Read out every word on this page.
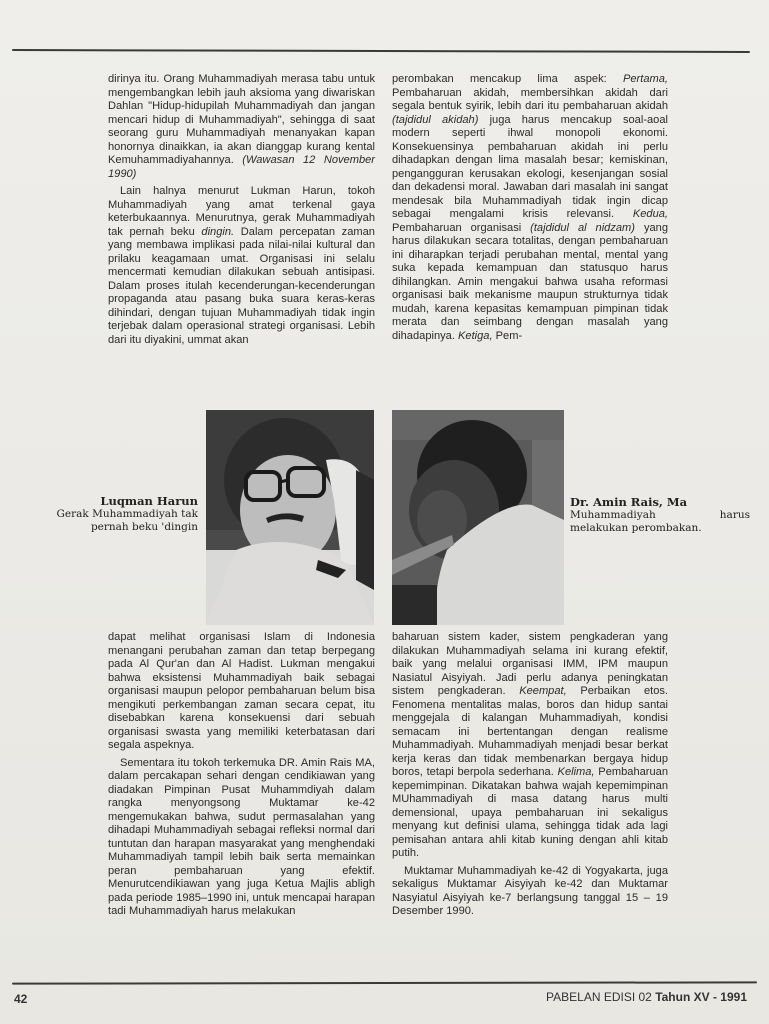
dirinya itu. Orang Muhammadiyah merasa tabu untuk mengembangkan lebih jauh aksioma yang diwariskan Dahlan "Hidup-hidupilah Muhammadiyah dan jangan mencari hidup di Muhammadiyah", sehingga di saat seorang guru Muhammadiyah menanyakan kapan honornya dinaikkan, ia akan dianggap kurang kental Kemuhammadiyahannya. (Wawasan 12 November 1990)

Lain halnya menurut Lukman Harun, tokoh Muhammadiyah yang amat terkenal gaya keterbukaannya. Menurutnya, gerak Muhammadiyah tak pernah beku dingin. Dalam percepatan zaman yang membawa implikasi pada nilai-nilai kultural dan prilaku keagamaan umat. Organisasi ini selalu mencermati kemudian dilakukan sebuah antisipasi. Dalam proses itulah kecenderungan-kecenderungan propaganda atau pasang buka suara keras-keras dihindari, dengan tujuan Muhammadiyah tidak ingin terjebak dalam operasional strategi organisasi. Lebih dari itu diyakini, ummat akan

perombakan mencakup lima aspek: Pertama, Pembaharuan akidah, membersihkan akidah dari segala bentuk syirik, lebih dari itu pembaharuan akidah (tajdidul akidah) juga harus mencakup soal-aoal modern seperti ihwal monopoli ekonomi. Konsekuensinya pembaharuan akidah ini perlu dihadapkan dengan lima masalah besar; kemiskinan, pengangguran kerusakan ekologi, kesenjangan sosial dan dekadensi moral. Jawaban dari masalah ini sangat mendesak bila Muhammadiyah tidak ingin dicap sebagai mengalami krisis relevansi. Kedua, Pembaharuan organisasi (tajdidul al nidzam) yang harus dilakukan secara totalitas, dengan pembaharuan ini diharapkan terjadi perubahan mental, mental yang suka kepada kemampuan dan statusquo harus dihilangkan. Amin mengakui bahwa usaha reformasi organisasi baik mekanisme maupun strukturnya tidak mudah, karena kepasitas kemampuan pimpinan tidak merata dan seimbang dengan masalah yang dihadapinya. Ketiga, Pem-

Luqman Harun
Gerak Muhammadiyah tak pernah beku 'dingin
Dr. Amin Rais, Ma
Muhammadiyah harus melakukan perombakan.

dapat melihat organisasi Islam di Indonesia menangani perubahan zaman dan tetap berpegang pada Al Qur'an dan Al Hadist. Lukman mengakui bahwa eksistensi Muhammadiyah baik sebagai organisasi maupun pelopor pembaharuan belum bisa mengikuti perkembangan zaman secara cepat, itu disebabkan karena konsekuensi dari sebuah organisasi swasta yang memiliki keterbatasan dari segala aspeknya.

Sementara itu tokoh terkemuka DR. Amin Rais MA, dalam percakapan sehari dengan cendikiawan yang diadakan Pimpinan Pusat Muhammdiyah dalam rangka menyongsong Muktamar ke-42 mengemukakan bahwa, sudut permasalahan yang dihadapi Muhammadiyah sebagai refleksi normal dari tuntutan dan harapan masyarakat yang menghendaki Muhammadiyah tampil lebih baik serta memainkan peran pembaharuan yang efektif. Menurutcendikiawan yang juga Ketua Majlis abligh pada periode 1985–1990 ini, untuk mencapai harapan tadi Muhammadiyah harus melakukan

baharuan sistem kader, sistem pengkaderan yang dilakukan Muhammadiyah selama ini kurang efektif, baik yang melalui organisasi IMM, IPM maupun Nasiatul Aisyiyah. Jadi perlu adanya peningkatan sistem pengkaderan. Keempat, Perbaikan etos. Fenomena mentalitas malas, boros dan hidup santai menggejala di kalangan Muhammadiyah, kondisi semacam ini bertentangan dengan realisme Muhammadiyah. Muhammadiyah menjadi besar berkat kerja keras dan tidak membenarkan bergaya hidup boros, tetapi berpola sederhana. Kelima, Pembaharuan kepemimpinan. Dikatakan bahwa wajah kepemimpinan MUhammadiyah di masa datang harus multi demensional, upaya pembaharuan ini sekaligus menyang kut definisi ulama, sehingga tidak ada lagi pemisahan antara ahli kitab kuning dengan ahli kitab putih.

Muktamar Muhammadiyah ke-42 di Yogyakarta, juga sekaligus Muktamar Aisyiyah ke-42 dan Muktamar Nasyiatul Aisyiyah ke-7 berlangsung tanggal 15 – 19 Desember 1990.

42	PABELAN EDISI 02 Tahun XV - 1991
